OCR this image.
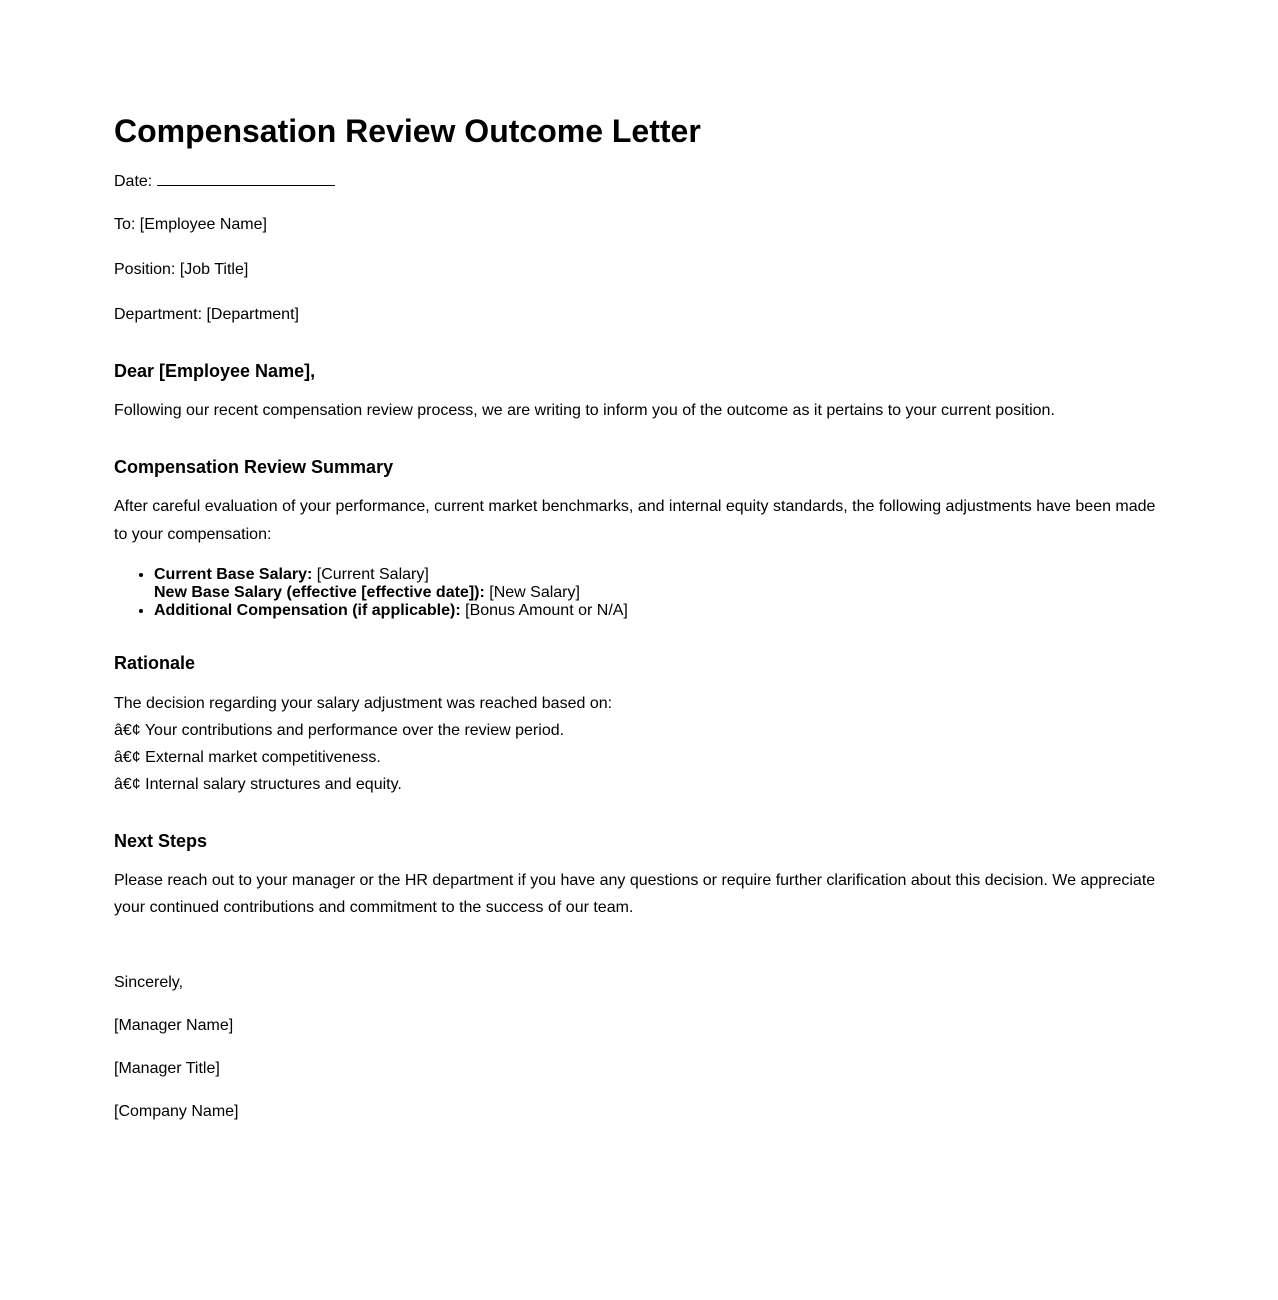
Compensation Review Outcome Letter
Date:
To: [Employee Name]
Position: [Job Title]
Department: [Department]
Dear [Employee Name],
Following our recent compensation review process, we are writing to inform you of the outcome as it pertains to your current position.
Compensation Review Summary
After careful evaluation of your performance, current market benchmarks, and internal equity standards, the following adjustments have been made to your compensation:
• Current Base Salary: [Current Salary]
New Base Salary (effective [effective date]): [New Salary]
• Additional Compensation (if applicable): [Bonus Amount or N/A]
Rationale
The decision regarding your salary adjustment was reached based on:
â€¢ Your contributions and performance over the review period.
â€¢ External market competitiveness.
â€¢ Internal salary structures and equity.
Next Steps
Please reach out to your manager or the HR department if you have any questions or require further clarification about this decision. We appreciate your continued contributions and commitment to the success of our team.
Sincerely,
[Manager Name]
[Manager Title]
[Company Name]
